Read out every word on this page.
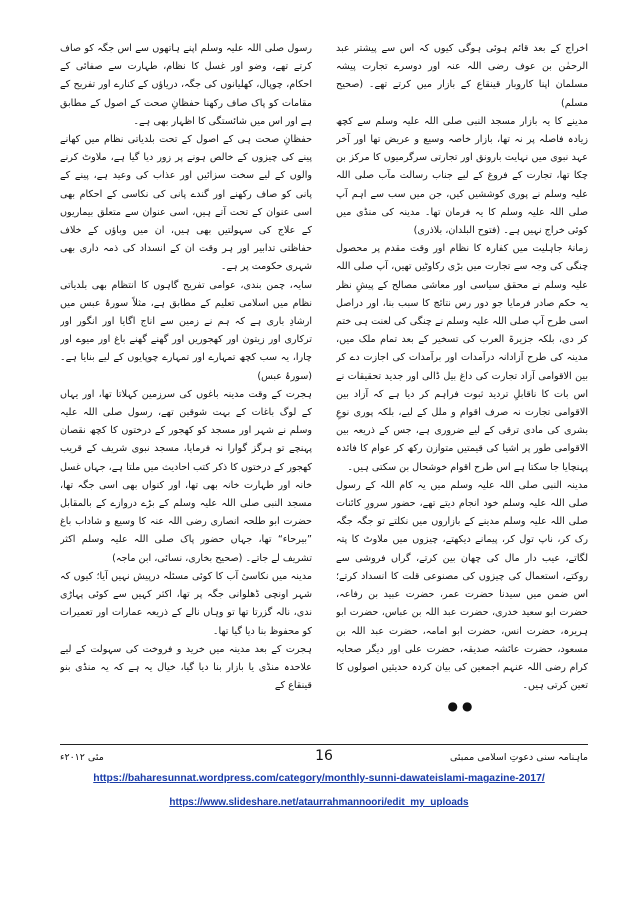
رسول صلی اللہ علیہ وسلم اپنے ہاتھوں سے اس جگہ کو صاف کرتے تھے، وضو اور غسل کا نظام، طہارت سے صفائی کے احکام، چوپال، کھلیانوں کی جگہ، دریاؤں کے کنارے اور تفریح کے مقامات کو پاک صاف رکھنا حفظانِ صحت کے اصول کے مطابق ہے اور اس میں شائستگی کا اظہار بھی ہے۔

حفظانِ صحت ہی کے اصول کے تحت بلدیاتی نظام میں کھانے پینے کی چیزوں کے خالص ہونے پر زور دیا گیا ہے، ملاوٹ کرنے والوں کے لیے سخت سزائیں اور عذاب کی وعید ہے، پینے کے پانی کو صاف رکھنے اور گندے پانی کی نکاسی کے احکام بھی اسی عنوان کے تحت آتے ہیں، اسی عنوان سے متعلق بیماریوں کے علاج کی سہولتیں بھی ہیں، ان میں وباؤں کے خلاف حفاظتی تدابیر اور ہر وقت ان کے انسداد کی ذمہ داری بھی شہری حکومت پر ہے۔

سایہ، چمن بندی، عوامی تفریح گاہوں کا انتظام بھی بلدیاتی نظام میں اسلامی تعلیم کے مطابق ہے، مثلاً سورۂ عبس میں ارشادِ باری ہے کہ ہم نے زمین سے اناج اگایا اور انگور اور ترکاری اور زیتون اور کھجوریں اور گھنے گھنے باغ اور میوے اور چارا، یہ سب کچھ تمہارے اور تمہارے چوپایوں کے لیے بنایا ہے۔ (سورۂ عبس)

ہجرت کے وقت مدینہ باغوں کی سرزمین کہلاتا تھا، اور یہاں کے لوگ باغات کے بہت شوقین تھے، رسول صلی اللہ علیہ وسلم نے شہر اور مسجد کو کھجور کے درختوں کا کچھ نقصان پہنچے تو ہرگز گوارا نہ فرمایا، مسجد نبوی شریف کے قریب کھجور کے درختوں کا ذکر کتب احادیث میں ملتا ہے، جہاں غسل خانہ اور طہارت خانہ بھی تھا، اور کنواں بھی اسی جگہ تھا، مسجد النبی صلی اللہ علیہ وسلم کے بڑے دروازے کے بالمقابل حضرت ابو طلحہ انصاری رضی اللہ عنہ کا وسیع و شاداب باغ ”بیرحاء“ تھا، جہاں حضور پاک صلی اللہ علیہ وسلم اکثر تشریف لے جاتے۔ (صحیح بخاری، نسائی، ابن ماجہ)

مدینہ میں نکاسیٔ آب کا کوئی مسئلہ درپیش نہیں آیا؛ کیوں کہ شہر اونچی ڈھلوانی جگہ پر تھا، اکثر کہیں سے کوئی پہاڑی ندی، نالہ گزرتا تھا تو وہاں نالے کے ذریعہ عمارات اور تعمیرات کو محفوظ بنا دیا گیا تھا۔

ہجرت کے بعد مدینہ میں خرید و فروخت کی سہولت کے لیے علاحدہ منڈی یا بازار بنا دیا گیا، خیال یہ ہے کہ یہ منڈی بنو قینقاع کے

اخراج کے بعد قائم ہوئی ہوگی کیوں کہ اس سے پیشتر عبد الرحمٰن بن عوف رضی اللہ عنہ اور دوسرے تجارت پیشہ مسلمان اپنا کاروبار قینقاع کے بازار میں کرتے تھے۔ (صحیح مسلم)

مدینے کا یہ بازار مسجد النبی صلی اللہ علیہ وسلم سے کچھ زیادہ فاصلہ پر نہ تھا، بازار خاصہ وسیع و عریض تھا اور آخر عہد نبوی میں نہایت بارونق اور تجارتی سرگرمیوں کا مرکز بن چکا تھا، تجارت کے فروغ کے لیے جناب رسالت مآب صلی اللہ علیہ وسلم نے پوری کوششیں کیں، جن میں سب سے اہم آپ صلی اللہ علیہ وسلم کا یہ فرمان تھا۔ مدینہ کی منڈی میں کوئی خراج نہیں ہے۔ (فتوح البلدان، بلاذری)

زمانۂ جاہلیت میں کفارہ کا نظام اور وقت مقدم پر محصول چنگی کی وجہ سے تجارت میں بڑی رکاوٹیں تھیں، آپ صلی اللہ علیہ وسلم نے محقق سیاسی اور معاشی مصالح کے پیشِ نظر یہ حکم صادر فرمایا جو دور رس نتائج کا سبب بنا، اور دراصل اسی طرح آپ صلی اللہ علیہ وسلم نے چنگی کی لعنت ہی ختم کر دی، بلکہ جزیرۃ العرب کی تسخیر کے بعد تمام ملک میں، مدینہ کی طرح آزادانہ درآمدات اور برآمدات کی اجازت دے کر بین الاقوامی آزاد تجارت کی داغ بیل ڈالی اور جدید تحقیقات نے اس بات کا ناقابلِ تردید ثبوت فراہم کر دیا ہے کہ آزاد بین الاقوامی تجارت نہ صرف اقوام و ملل کے لیے، بلکہ پوری نوعِ بشری کی مادی ترقی کے لیے ضروری ہے، جس کے ذریعہ بین الاقوامی طور پر اشیا کی قیمتیں متوازن رکھ کر عوام کا فائدہ پہنچایا جا سکتا ہے اس طرح اقوام خوشحال بن سکتی ہیں۔

مدینہ النبی صلی اللہ علیہ وسلم میں یہ کام اللہ کے رسول صلی اللہ علیہ وسلم خود انجام دیتے تھے، حضور سرورِ کائنات صلی اللہ علیہ وسلم مدینے کے بازاروں میں نکلتے تو جگہ جگہ رک کر، ناپ تول کر، پیمانے دیکھتے، چیزوں میں ملاوٹ کا پتہ لگاتے، عیب دار مال کی چھان بین کرتے، گراں فروشی سے روکتے، استعمال کی چیزوں کی مصنوعی قلت کا انسداد کرتے؛ اس ضمن میں سیدنا حضرت عمر، حضرت عبید بن رفاعہ، حضرت ابو سعید خدری، حضرت عبد اللہ بن عباس، حضرت ابو ہریرہ، حضرت انس، حضرت ابو امامہ، حضرت عبد اللہ بن مسعود، حضرت عائشہ صدیقہ، حضرت علی اور دیگر صحابہ کرام رضی اللہ عنہم اجمعین کی بیان کردہ حدیثیں اصولوں کا تعین کرتی ہیں۔

●●
ماہنامہ سنی دعوتِ اسلامی ممبئی
16
مئی ۲۰۱۲ء
https://baharesunnat.wordpress.com/category/monthly-sunni-dawateislami-magazine-2017/
https://www.slideshare.net/ataurrahmannoori/edit_my_uploads
